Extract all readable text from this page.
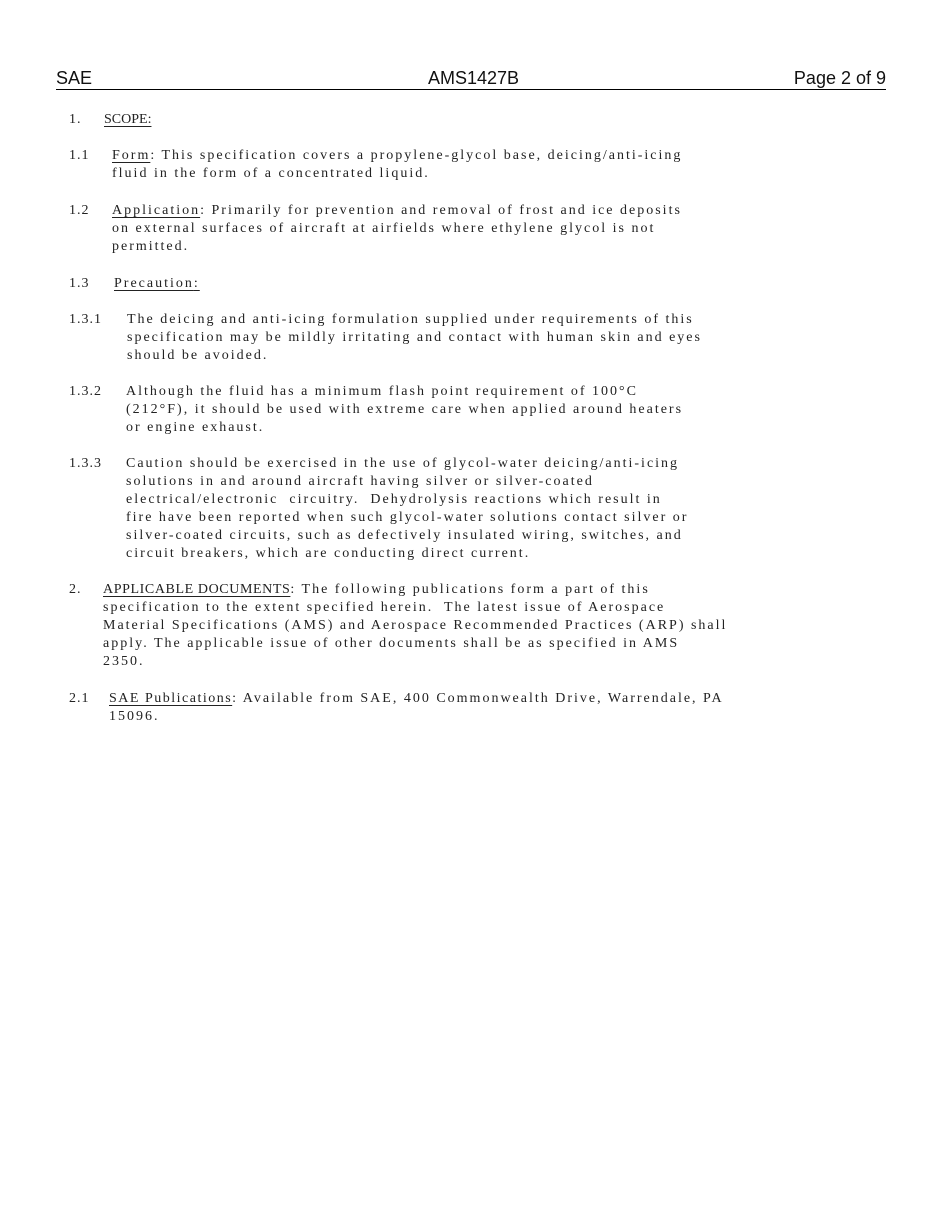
SAE	AMS1427B	Page 2 of 9
1. SCOPE:
1.1 Form: This specification covers a propylene-glycol base, deicing/anti-icing
fluid in the form of a concentrated liquid.
1.2 Application: Primarily for prevention and removal of frost and ice deposits
on external surfaces of aircraft at airfields where ethylene glycol is not
permitted.
1.3 Precaution:
1.3.1 The deicing and anti-icing formulation supplied under requirements of this
specification may be mildly irritating and contact with human skin and eyes
should be avoided.
1.3.2 Although the fluid has a minimum flash point requirement of 100°C
(212°F), it should be used with extreme care when applied around heaters
or engine exhaust.
1.3.3 Caution should be exercised in the use of glycol-water deicing/anti-icing
solutions in and around aircraft having silver or silver-coated
electrical/electronic  circuitry.  Dehydrolysis reactions which result in
fire have been reported when such glycol-water solutions contact silver or
silver-coated circuits, such as defectively insulated wiring, switches, and
circuit breakers, which are conducting direct current.
2. APPLICABLE DOCUMENTS: The following publications form a part of this
specification to the extent specified herein.  The latest issue of Aerospace
Material Specifications (AMS) and Aerospace Recommended Practices (ARP) shall
apply. The applicable issue of other documents shall be as specified in AMS
2350.
2.1 SAE Publications: Available from SAE, 400 Commonwealth Drive, Warrendale, PA
15096.
